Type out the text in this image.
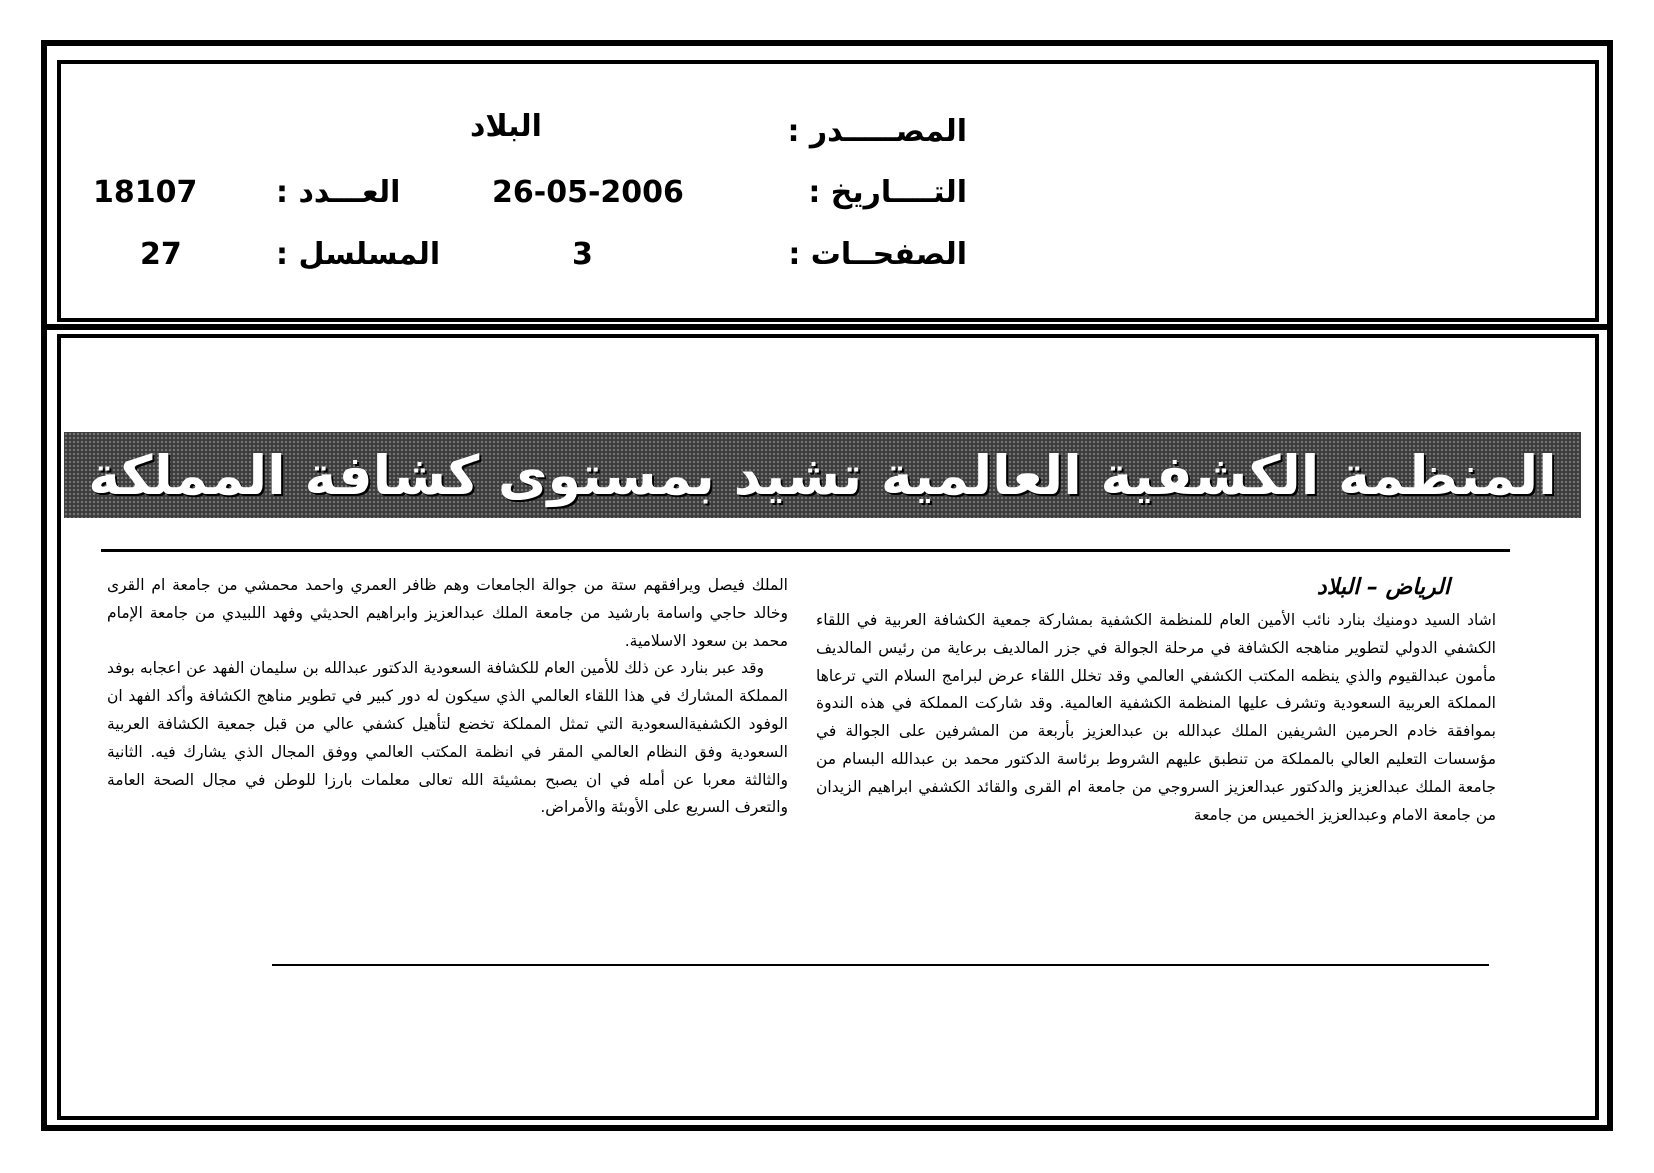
المصـــــدر :
البلاد
التــــاريخ :
26-05-2006
العـــدد :
18107
الصفحــات :
3
المسلسل :
27
المنظمة الكشفية العالمية تشيد بمستوى كشافة المملكة
الرياض – البلاد

اشاد السيد دومنيك بنارد نائب الأمين العام للمنظمة الكشفية بمشاركة جمعية الكشافة العربية في اللقاء الكشفي الدولي لتطوير مناهجه الكشافة في مرحلة الجوالة في جزر المالديف برعاية من رئيس المالديف مأمون عبدالقيوم والذي ينظمه المكتب الكشفي العالمي وقد تخلل اللقاء عرض لبرامج السلام التي ترعاها المملكة العربية السعودية وتشرف عليها المنظمة الكشفية العالمية. وقد شاركت المملكة في هذه الندوة بموافقة خادم الحرمين الشريفين الملك عبدالله بن عبدالعزيز بأربعة من المشرفين على الجوالة في مؤسسات التعليم العالي بالمملكة من تنطبق عليهم الشروط برئاسة الدكتور محمد بن عبدالله البسام من جامعة الملك عبدالعزيز والدكتور عبدالعزيز السروجي من جامعة ام القرى والقائد الكشفي ابراهيم الزيدان من جامعة الامام وعبدالعزيز الخميس من جامعة

الملك فيصل ويرافقهم ستة من جوالة الجامعات وهم ظافر العمري واحمد محمشي من جامعة ام القرى وخالد حاجي واسامة بارشيد من جامعة الملك عبدالعزيز وابراهيم الحديثي وفهد اللبيدي من جامعة الإمام محمد بن سعود الاسلامية.

وقد عبر بنارد عن ذلك للأمين العام للكشافة السعودية الدكتور عبدالله بن سليمان الفهد عن اعجابه بوفد المملكة المشارك في هذا اللقاء العالمي الذي سيكون له دور كبير في تطوير مناهج الكشافة وأكد الفهد ان الوفود الكشفيةالسعودية التي تمثل المملكة تخضع لتأهيل كشفي عالي من قبل جمعية الكشافة العربية السعودية وفق النظام العالمي المقر في انظمة المكتب العالمي ووفق المجال الذي يشارك فيه. الثانية والثالثة معربا عن أمله في ان يصبح بمشيئة الله تعالى معلمات بارزا للوطن في مجال الصحة العامة والتعرف السريع على الأوبئة والأمراض.
